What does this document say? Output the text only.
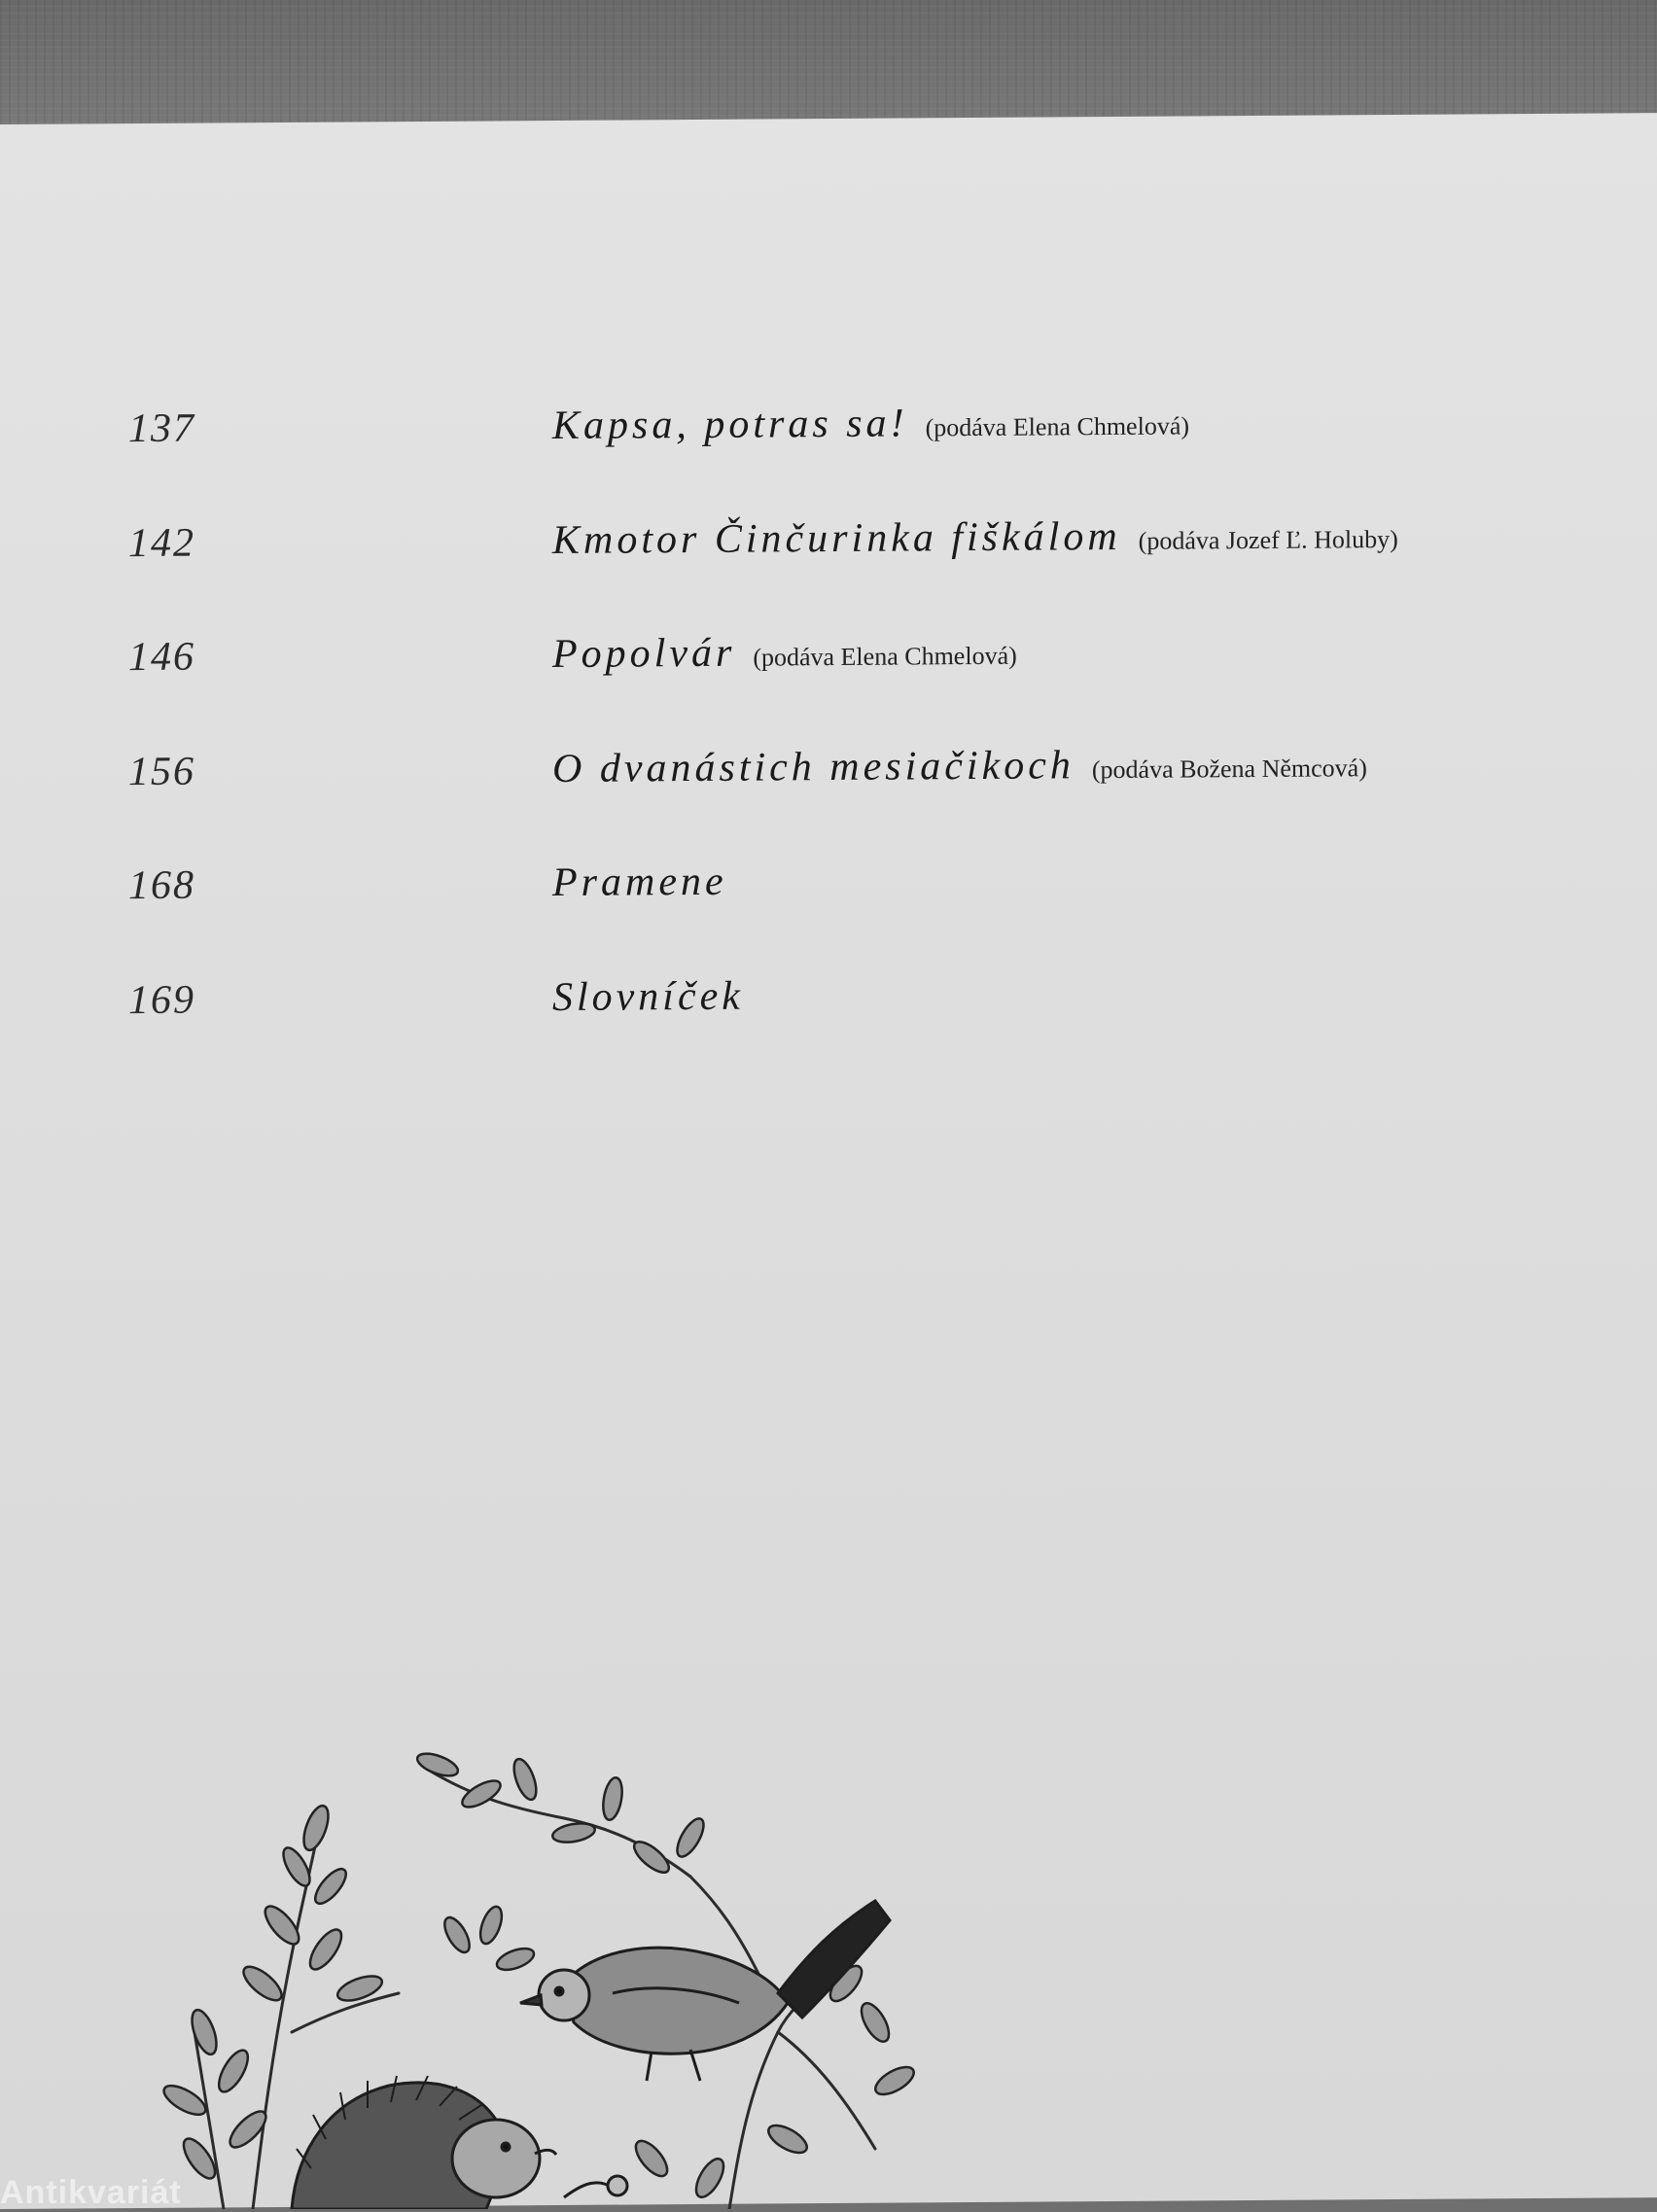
137	Kapsa, potras sa! (podáva Elena Chmelová)
142	Kmotor Činčurinka fiškálom (podáva Jozef Ľ. Holuby)
146	Popolvár (podáva Elena Chmelová)
156	O dvanástich mesiačikoch (podáva Božena Němcová)
168	Pramene
169	Slovníček
Antikvariát
